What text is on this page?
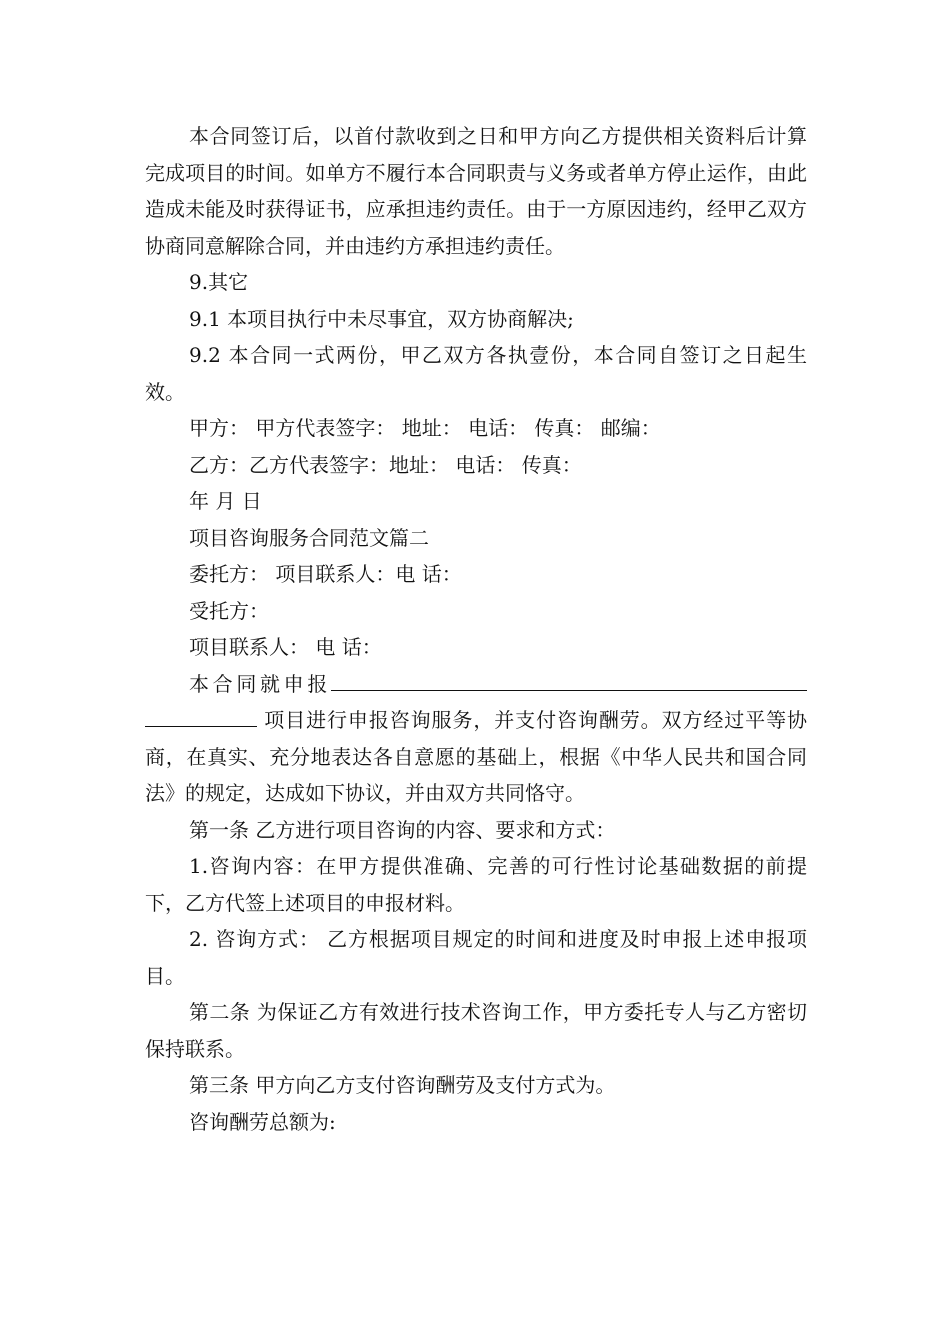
本合同签订后，以首付款收到之日和甲方向乙方提供相关资料后计算 完成项目的时间。如单方不履行本合同职责与义务或者单方停止运作，由此造成未能及时获得证书，应承担违约责任。由于一方原因违约，经甲乙双方协商同意解除合同，并由违约方承担违约责任。

9.其它

9.1 本项目执行中未尽事宜，双方协商解决;

9.2 本合同一式两份，甲乙双方各执壹份，本合同自签订之日起生效。

甲方： 甲方代表签字： 地址： 电话： 传真： 邮编：

乙方：乙方代表签字：地址： 电话： 传真：

年 月 日

项目咨询服务合同范文篇二

委托方： 项目联系人：电 话：

受托方：

项目联系人： 电 话：

本合同就申报 项目进行申报咨询服务，并支付咨询酬劳。双方经过平等协商，在真实、充分地表达各自意愿的基础上，根据《中华人民共和国合同法》的规定，达成如下协议，并由双方共同恪守。

第一条 乙方进行项目咨询的内容、要求和方式：

1.咨询内容：在甲方提供准确、完善的可行性讨论基础数据的前提下，乙方代签上述项目的申报材料。

2. 咨询方式： 乙方根据项目规定的时间和进度及时申报上述申报项目。

第二条 为保证乙方有效进行技术咨询工作，甲方委托专人与乙方密切保持联系。

第三条 甲方向乙方支付咨询酬劳及支付方式为。

咨询酬劳总额为:
